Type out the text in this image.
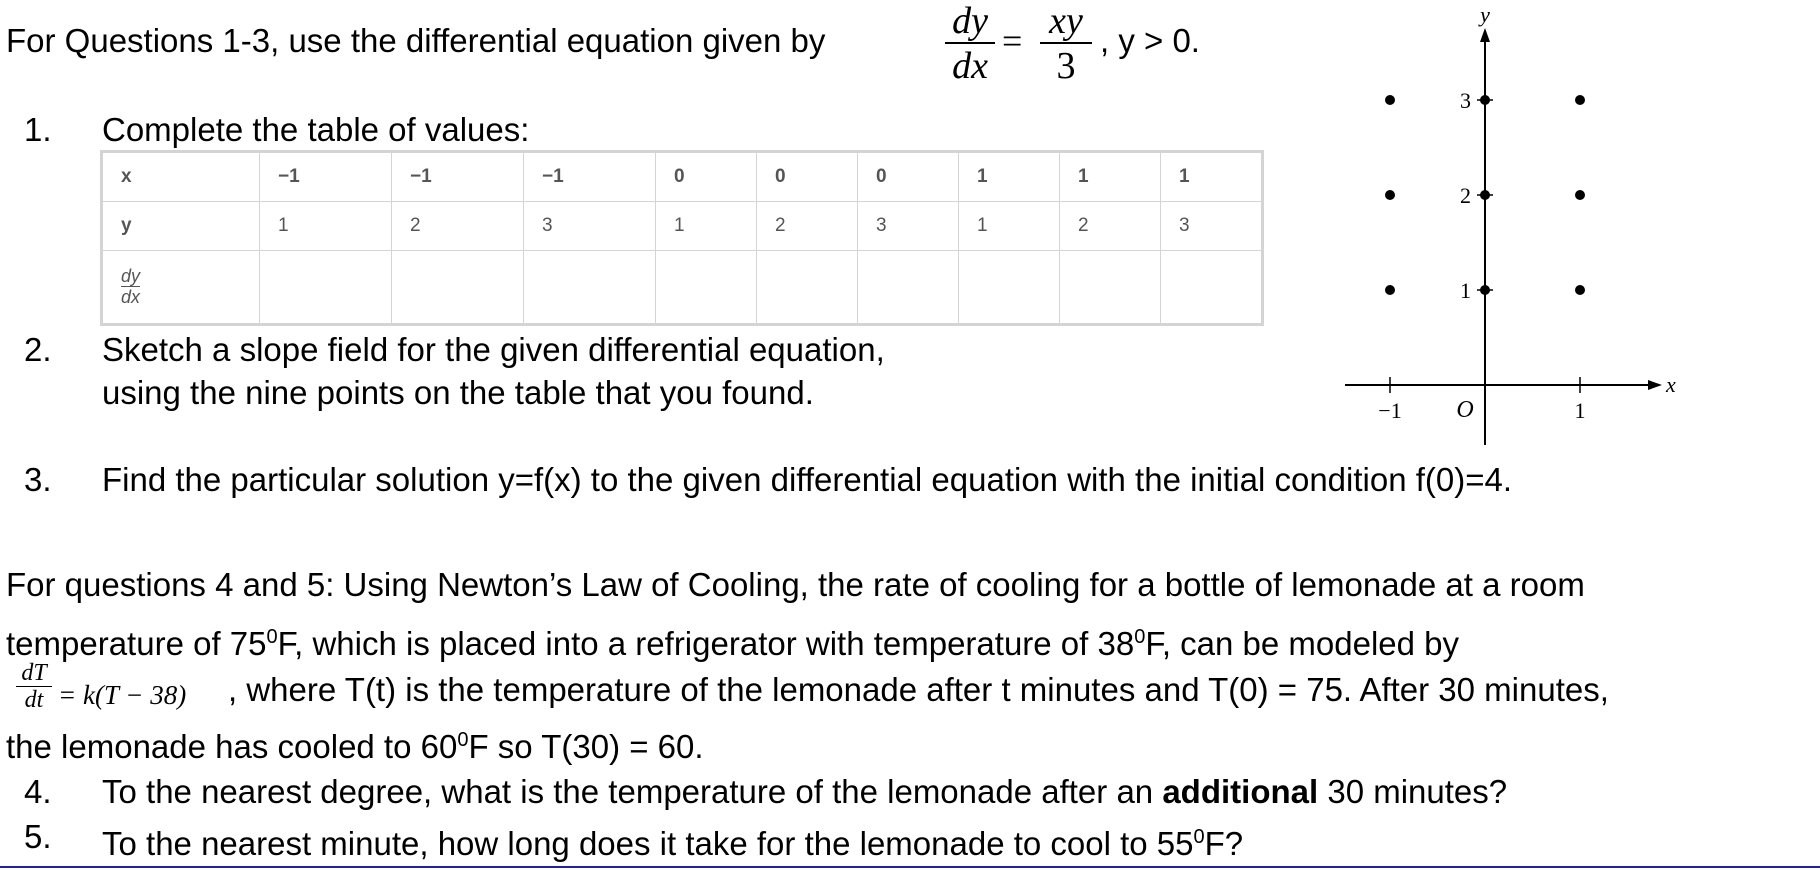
For Questions 1-3, use the differential equation given by	dy
dx
= xy
3
, y > 0.
1. Complete the table of values:
x	−1	−1	−1	0	0	0	1	1	1
y	1	2	3	1	2	3	1	2	3
$\frac{dy}{dx}$									
2. Sketch a slope field for the given differential equation,
using the nine points on the table that you found.	−1	1
1
2
3
x
y
O
3. Find the particular solution y=f(x) to the given differential equation with the initial condition f(0)=4.
For questions 4 and 5: Using Newton’s Law of Cooling, the rate of cooling for a bottle of lemonade at a room
temperature of $75^0F$, which is placed into a refrigerator with temperature of $38^0F$, can be modeled by
dT
dt = k(T − 38) , where T(t) is the temperature of the lemonade after t minutes and T(0) = 75. After 30 minutes,
the lemonade has cooled to $60^0F$ so T(30) = 60.
4. To the nearest degree, what is the temperature of the lemonade after an additional 30 minutes?
5. To the nearest minute, how long does it take for the lemonade to cool to $55^0F$?
